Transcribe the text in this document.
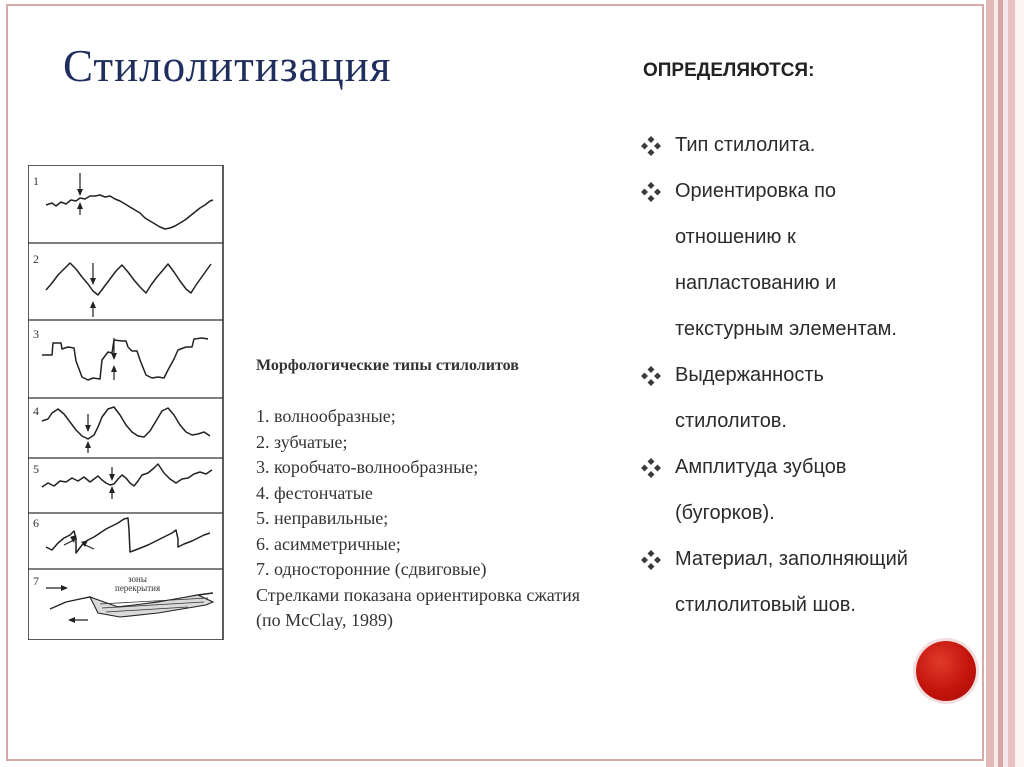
Стилолитизация	ОПРЕДЕЛЯЮТСЯ:
Тип стилолита.
Ориентировка по
отношению к
напластованию и
текстурным элементам.
Выдержанность
стилолитов.
Амплитуда зубцов
(бугорков).
Материал, заполняющий
стилолитовый шов.
1
2
3
4
5
6
7	зоны
перекрытия
Морфологические типы стилолитов
1. волнообразные;
2. зубчатые;
3. коробчато-волнообразные;
4. фестончатые
5. неправильные;
6. асимметричные;
7. односторонние (сдвиговые)
Стрелками показана ориентировка сжатия
(по McClay, 1989)
